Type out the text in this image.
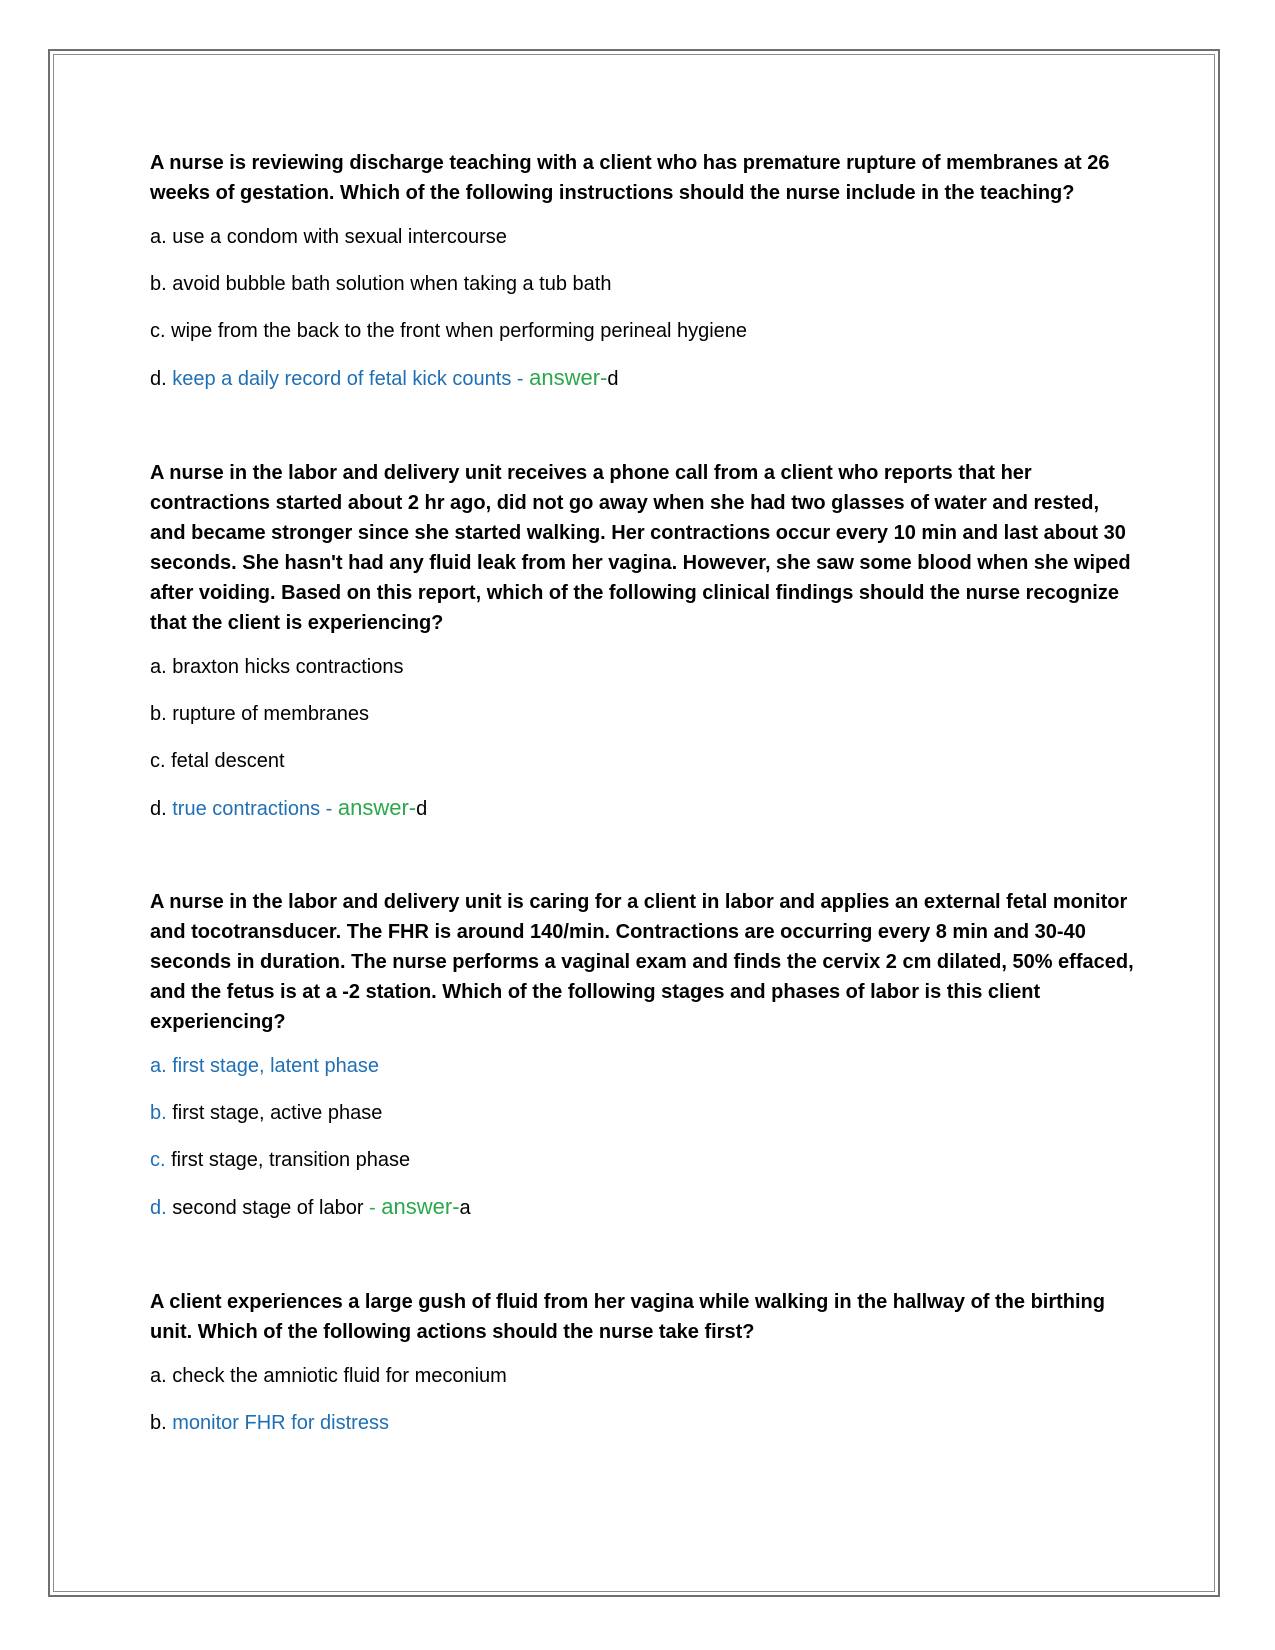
A nurse is reviewing discharge teaching with a client who has premature rupture of membranes at 26 weeks of gestation. Which of the following instructions should the nurse include in the teaching?

a. use a condom with sexual intercourse

b. avoid bubble bath solution when taking a tub bath

c. wipe from the back to the front when performing perineal hygiene

d. keep a daily record of fetal kick counts - answer-d

A nurse in the labor and delivery unit receives a phone call from a client who reports that her contractions started about 2 hr ago, did not go away when she had two glasses of water and rested, and became stronger since she started walking. Her contractions occur every 10 min and last about 30 seconds. She hasn't had any fluid leak from her vagina. However, she saw some blood when she wiped after voiding. Based on this report, which of the following clinical findings should the nurse recognize that the client is experiencing?

a. braxton hicks contractions

b. rupture of membranes

c. fetal descent

d. true contractions - answer-d

A nurse in the labor and delivery unit is caring for a client in labor and applies an external fetal monitor and tocotransducer. The FHR is around 140/min. Contractions are occurring every 8 min and 30-40 seconds in duration. The nurse performs a vaginal exam and finds the cervix 2 cm dilated, 50% effaced, and the fetus is at a -2 station. Which of the following stages and phases of labor is this client experiencing?

a. first stage, latent phase

b. first stage, active phase

c. first stage, transition phase

d. second stage of labor - answer-a

A client experiences a large gush of fluid from her vagina while walking in the hallway of the birthing unit. Which of the following actions should the nurse take first?

a. check the amniotic fluid for meconium

b. monitor FHR for distress
